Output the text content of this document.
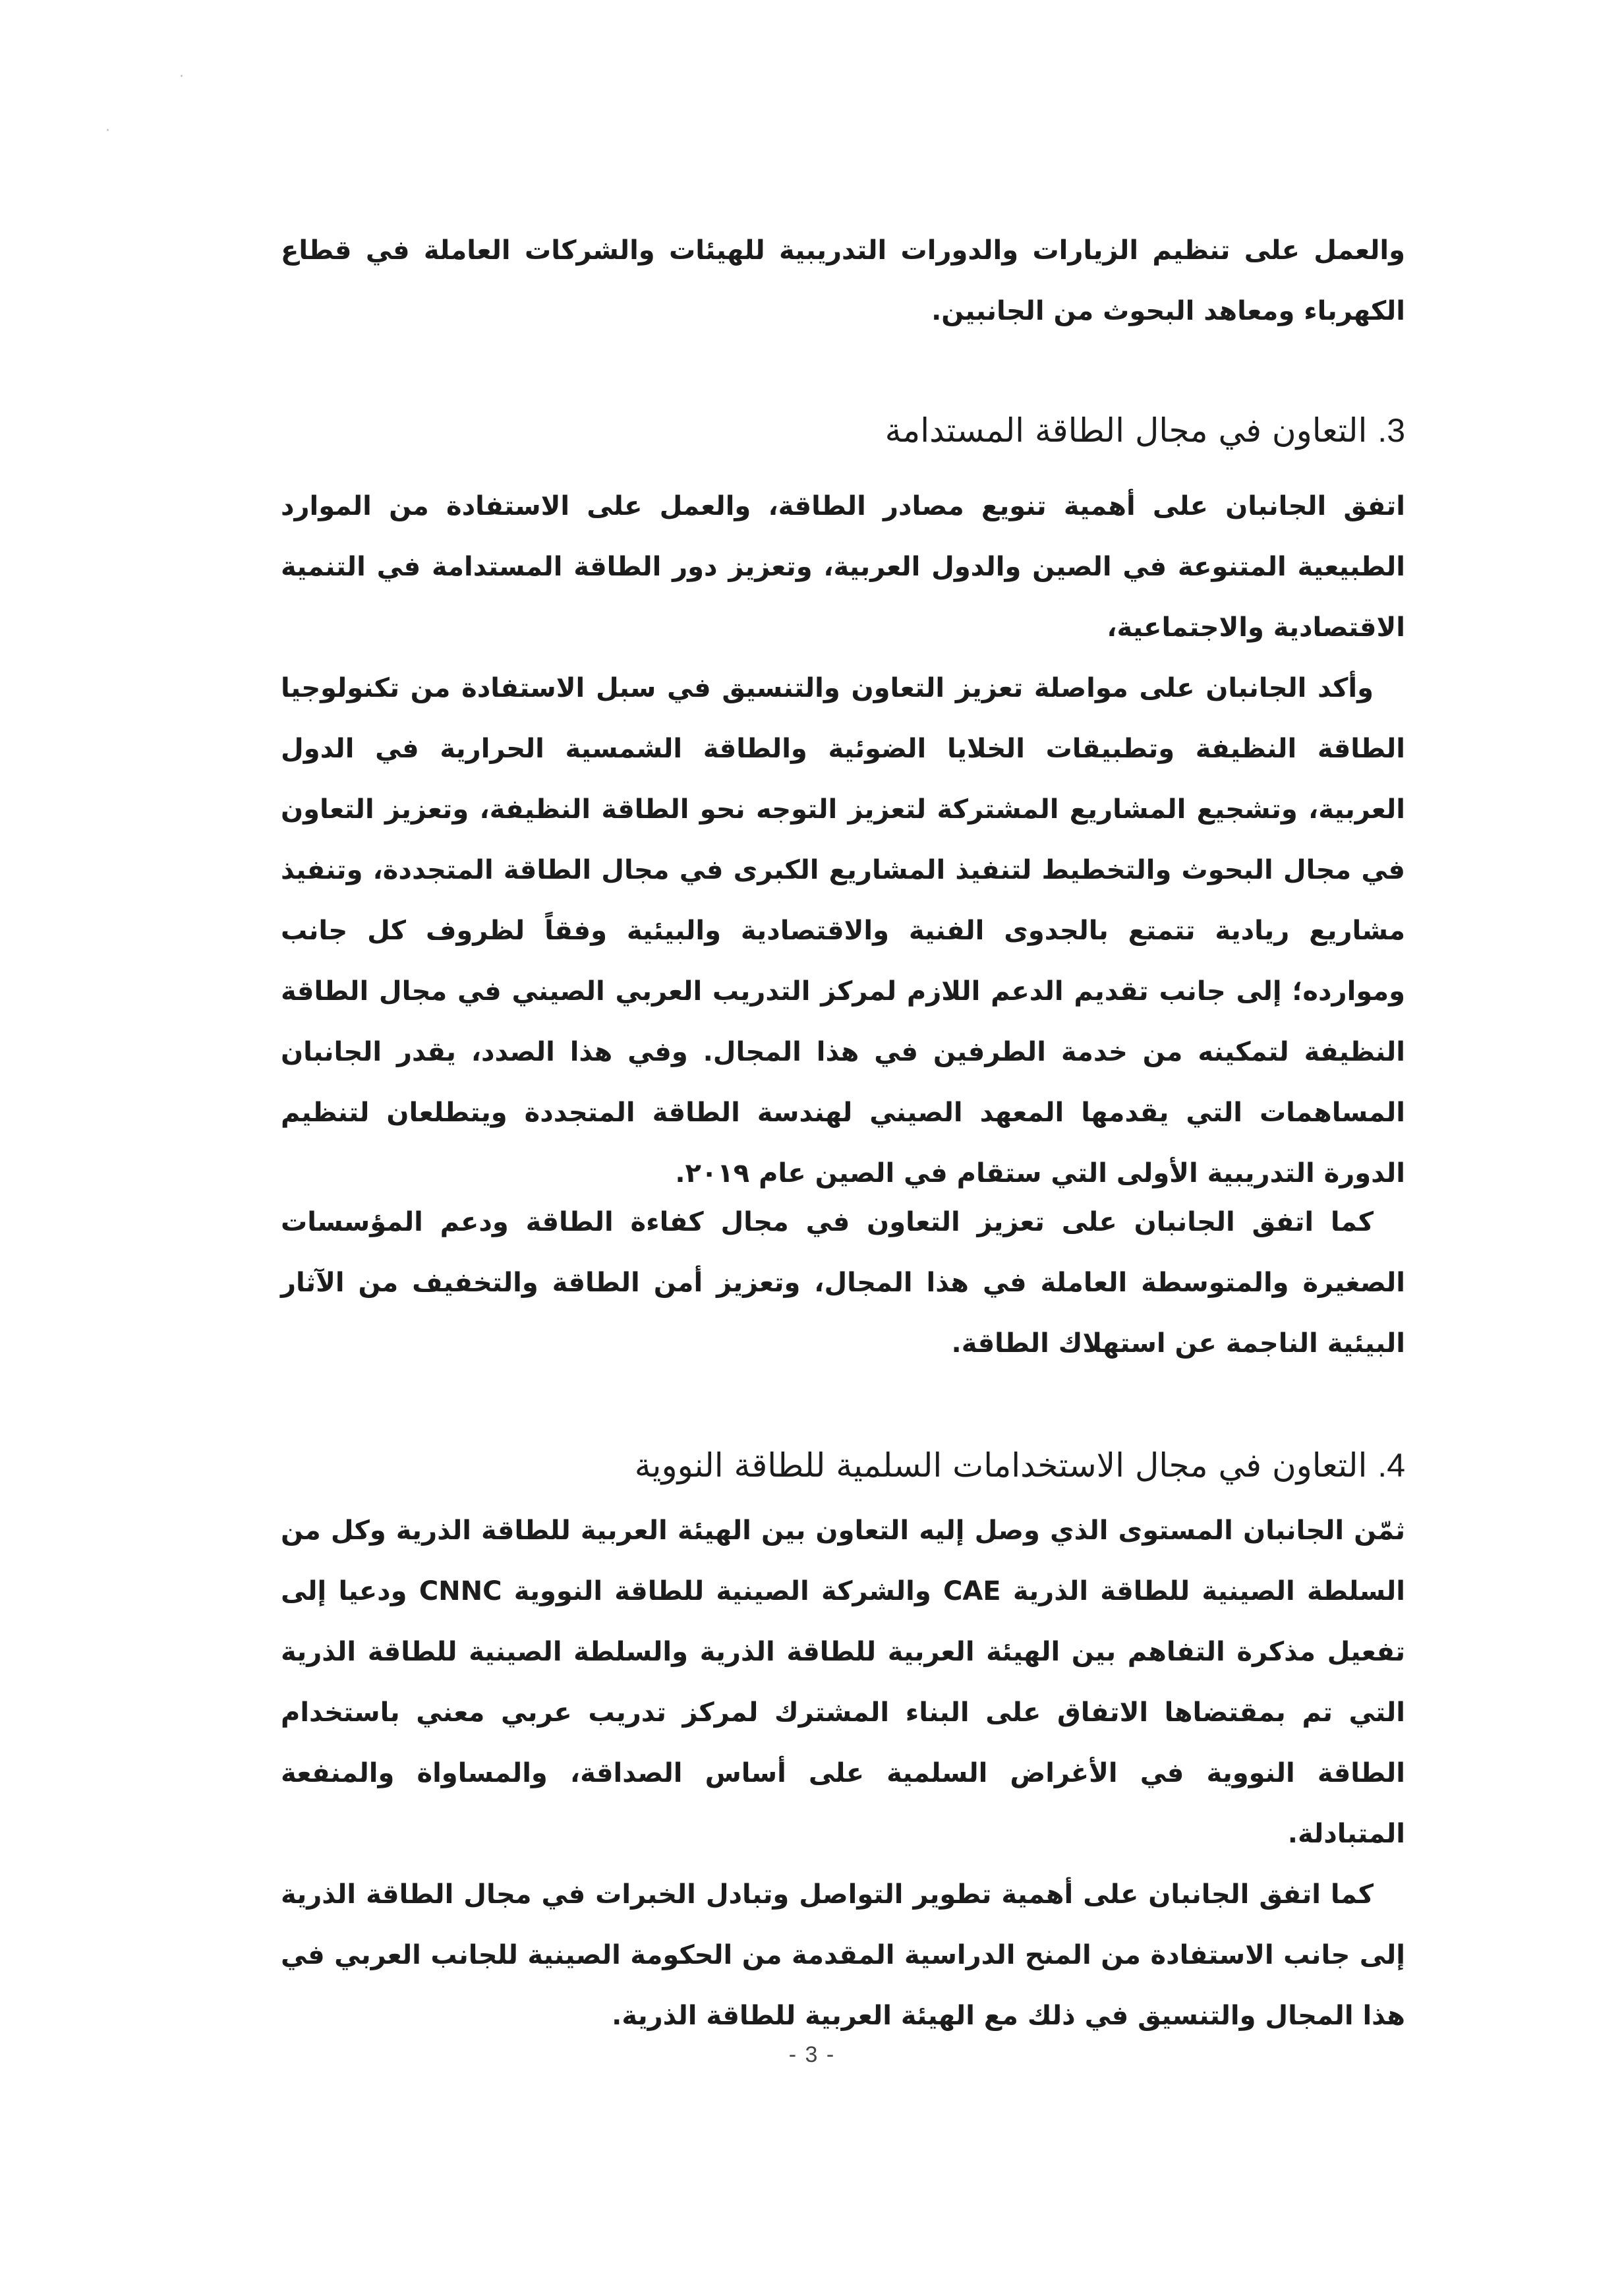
·
·

والعمل على تنظيم الزيارات والدورات التدريبية للهيئات والشركات العاملة في قطاع الكهرباء ومعاهد البحوث من الجانبين.

3. التعاون في مجال الطاقة المستدامة

اتفق الجانبان على أهمية تنويع مصادر الطاقة، والعمل على الاستفادة من الموارد الطبيعية المتنوعة في الصين والدول العربية، وتعزيز دور الطاقة المستدامة في التنمية الاقتصادية والاجتماعية،

وأكد الجانبان على مواصلة تعزيز التعاون والتنسيق في سبل الاستفادة من تكنولوجيا الطاقة النظيفة وتطبيقات الخلايا الضوئية والطاقة الشمسية الحرارية في الدول العربية، وتشجيع المشاريع المشتركة لتعزيز التوجه نحو الطاقة النظيفة، وتعزيز التعاون في مجال البحوث والتخطيط لتنفيذ المشاريع الكبرى في مجال الطاقة المتجددة، وتنفيذ مشاريع ريادية تتمتع بالجدوى الفنية والاقتصادية والبيئية وفقاً لظروف كل جانب وموارده؛ إلى جانب تقديم الدعم اللازم لمركز التدريب العربي الصيني في مجال الطاقة النظيفة لتمكينه من خدمة الطرفين في هذا المجال. وفي هذا الصدد، يقدر الجانبان المساهمات التي يقدمها المعهد الصيني لهندسة الطاقة المتجددة ويتطلعان لتنظيم الدورة التدريبية الأولى التي ستقام في الصين عام ٢٠١٩.

كما اتفق الجانبان على تعزيز التعاون في مجال كفاءة الطاقة ودعم المؤسسات الصغيرة والمتوسطة العاملة في هذا المجال، وتعزيز أمن الطاقة والتخفيف من الآثار البيئية الناجمة عن استهلاك الطاقة.

4. التعاون في مجال الاستخدامات السلمية للطاقة النووية

ثمّن الجانبان المستوى الذي وصل إليه التعاون بين الهيئة العربية للطاقة الذرية وكل من السلطة الصينية للطاقة الذرية CAE والشركة الصينية للطاقة النووية CNNC ودعيا إلى تفعيل مذكرة التفاهم بين الهيئة العربية للطاقة الذرية والسلطة الصينية للطاقة الذرية التي تم بمقتضاها الاتفاق على البناء المشترك لمركز تدريب عربي معني باستخدام الطاقة النووية في الأغراض السلمية على أساس الصداقة، والمساواة والمنفعة المتبادلة.

كما اتفق الجانبان على أهمية تطوير التواصل وتبادل الخبرات في مجال الطاقة الذرية إلى جانب الاستفادة من المنح الدراسية المقدمة من الحكومة الصينية للجانب العربي في هذا المجال والتنسيق في ذلك مع الهيئة العربية للطاقة الذرية.

- 3 -
